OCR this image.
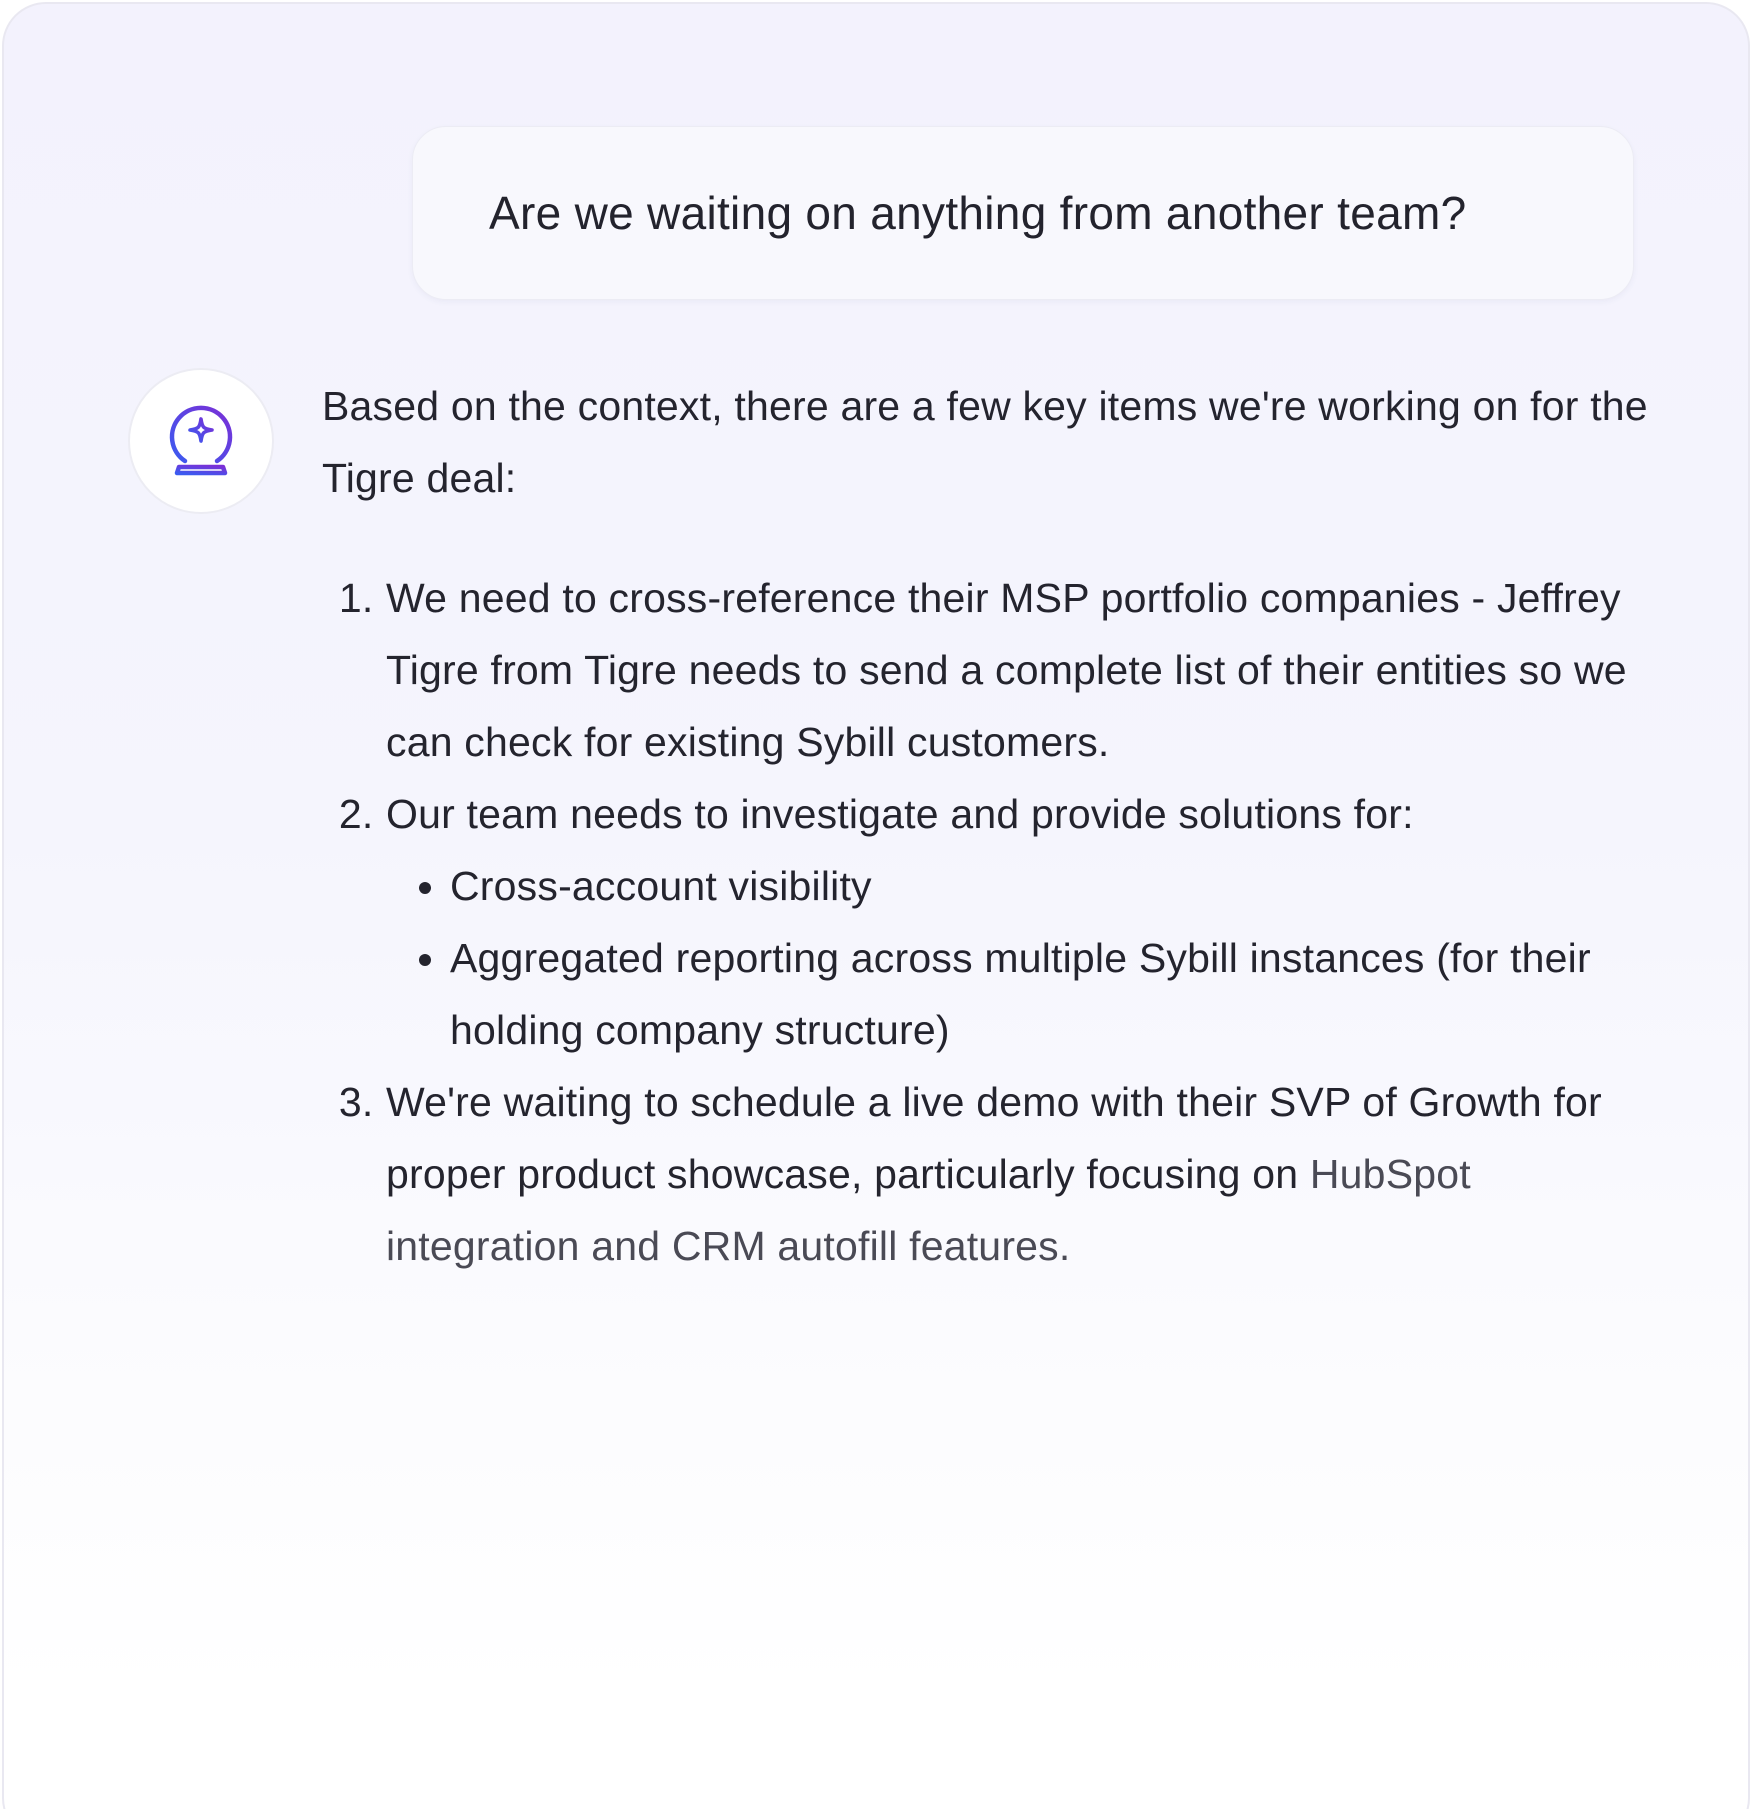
Are we waiting on anything from another team?

Based on the context, there are a few key items we're working on for the Tigre deal:

1. We need to cross-reference their MSP portfolio companies - Jeffrey Tigre from Tigre needs to send a complete list of their entities so we can check for existing Sybill customers.
2. Our team needs to investigate and provide solutions for:
• Cross-account visibility
• Aggregated reporting across multiple Sybill instances (for their holding company structure)
3. We're waiting to schedule a live demo with their SVP of Growth for proper product showcase, particularly focusing on HubSpot integration and CRM autofill features.
